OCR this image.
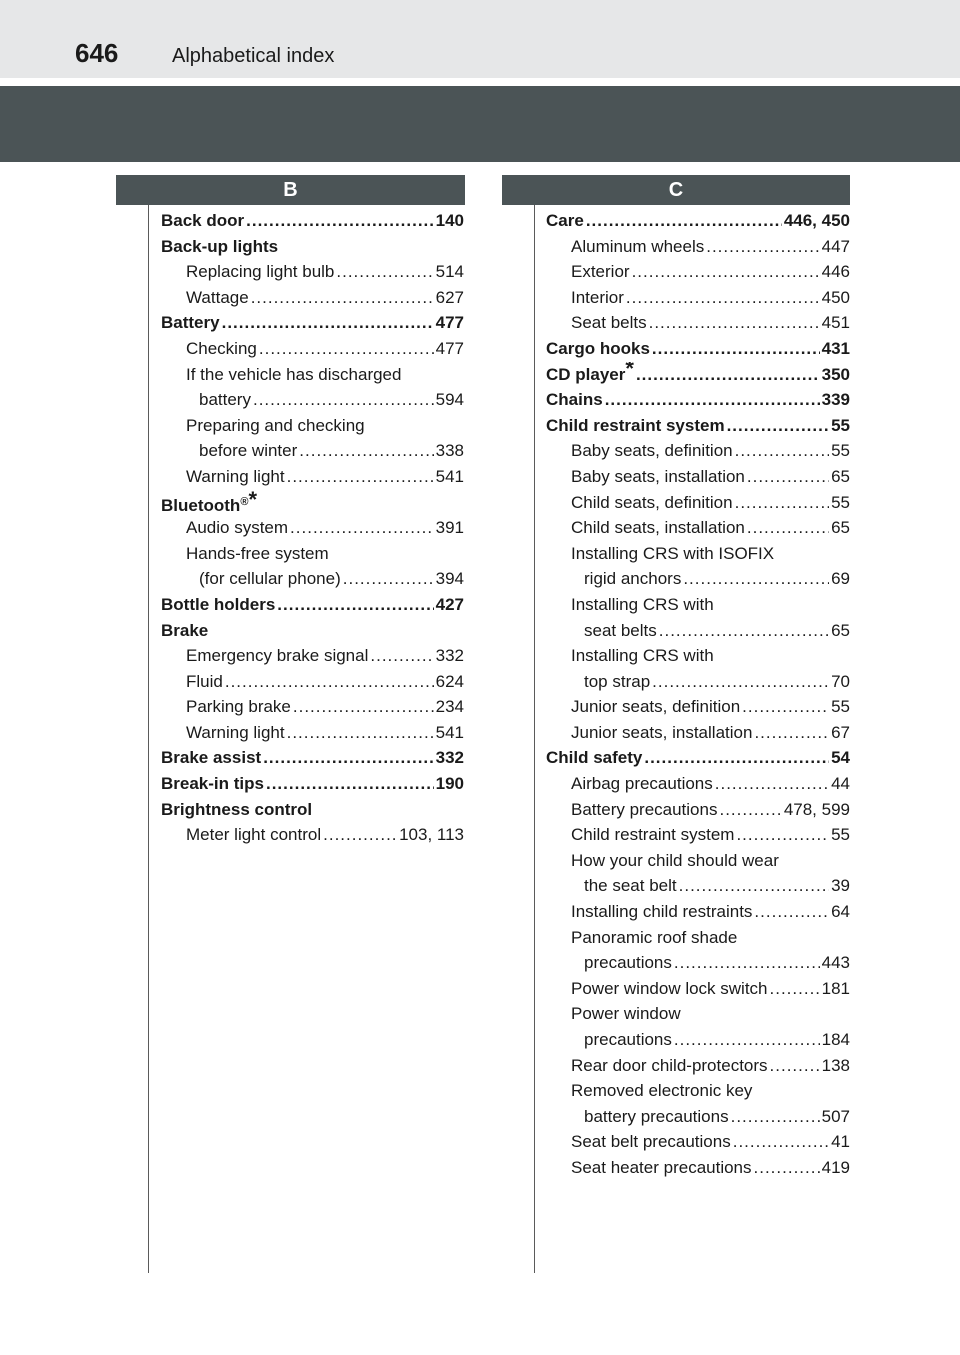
646	Alphabetical index
B	C
Back door .....	140
Back-up lights
Replacing light bulb .....	514
Wattage .....	627
Battery .....	477
Checking .....	477
If the vehicle has discharged
battery .....	594
Preparing and checking
before winter .....	338
Warning light .....	541
Bluetooth®*
Audio system .....	391
Hands-free system
(for cellular phone) .....	394
Bottle holders .....	427
Brake
Emergency brake signal .....	332
Fluid .....	624
Parking brake .....	234
Warning light .....	541
Brake assist .....	332
Break-in tips .....	190
Brightness control
Meter light control .....	103, 113
Care .....	446, 450
Aluminum wheels .....	447
Exterior .....	446
Interior .....	450
Seat belts .....	451
Cargo hooks .....	431
CD player* .....	350
Chains .....	339
Child restraint system .....	55
Baby seats, definition .....	55
Baby seats, installation .....	65
Child seats, definition .....	55
Child seats, installation .....	65
Installing CRS with ISOFIX
rigid anchors .....	69
Installing CRS with
seat belts .....	65
Installing CRS with
top strap .....	70
Junior seats, definition .....	55
Junior seats, installation .....	67
Child safety .....	54
Airbag precautions .....	44
Battery precautions .....	478, 599
Child restraint system .....	55
How your child should wear
the seat belt .....	39
Installing child restraints .....	64
Panoramic roof shade
precautions .....	443
Power window lock switch .....	181
Power window
precautions .....	184
Rear door child-protectors .....	138
Removed electronic key
battery precautions .....	507
Seat belt precautions .....	41
Seat heater precautions .....	419
